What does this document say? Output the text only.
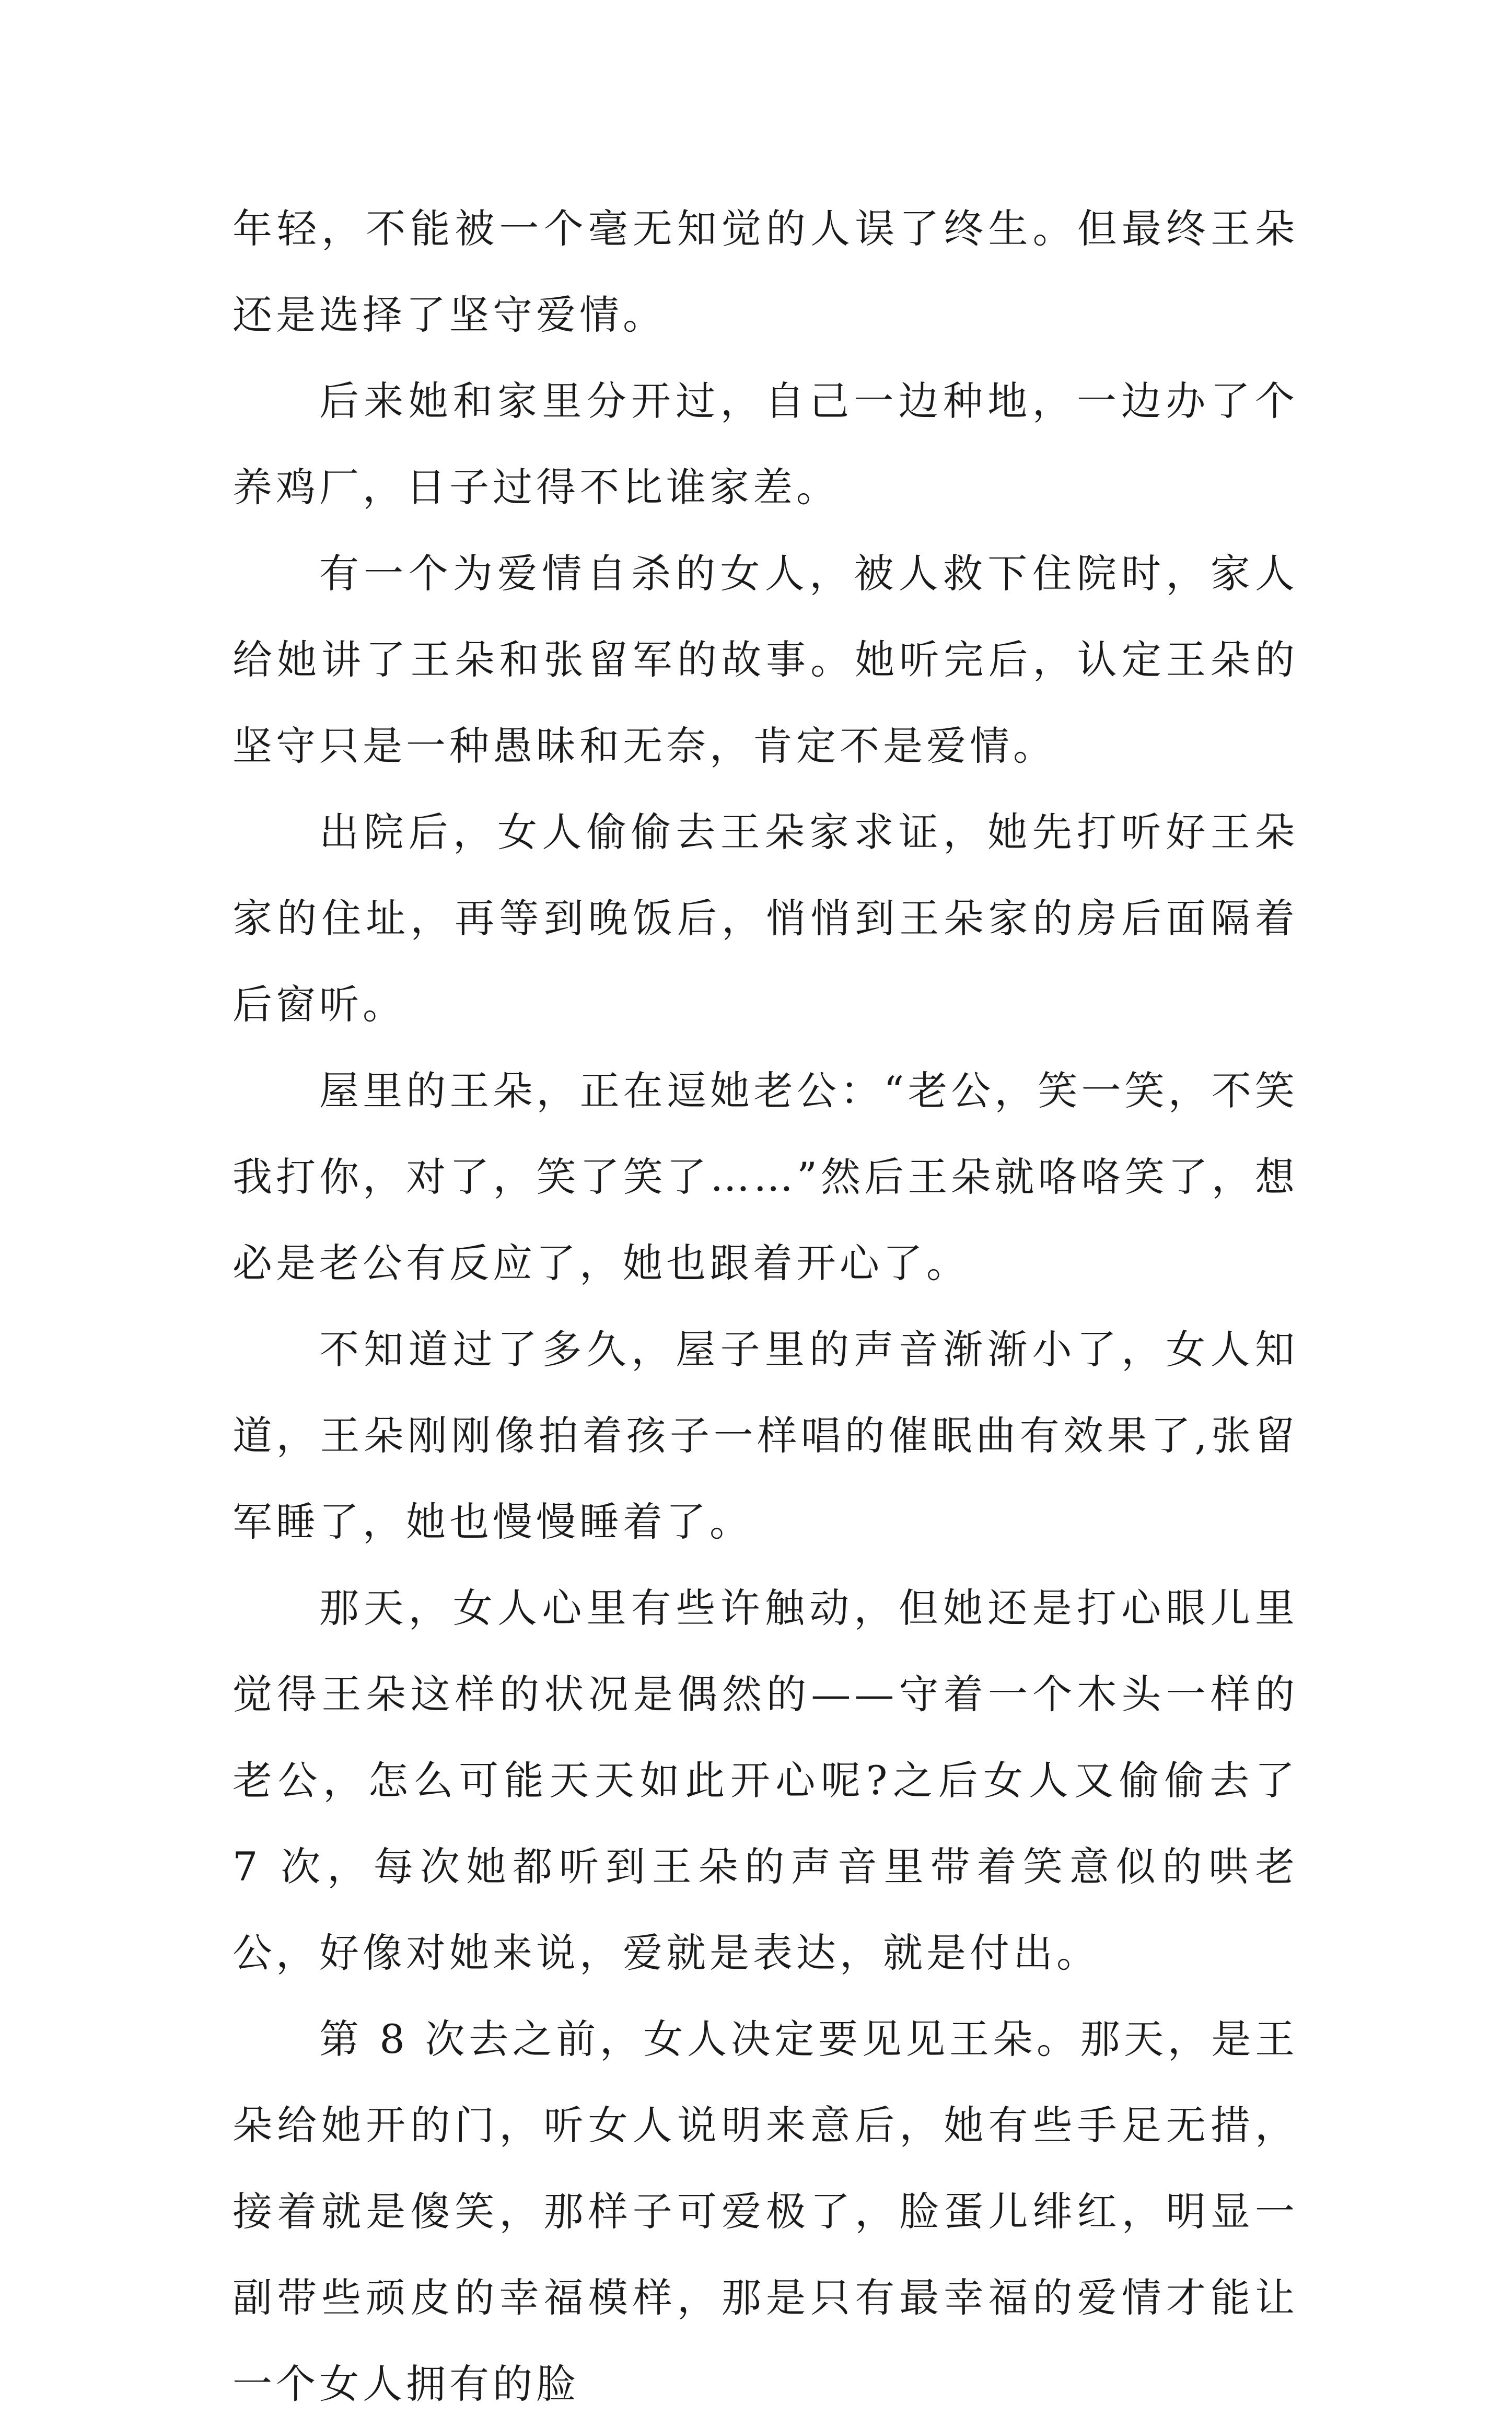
年轻，不能被一个毫无知觉的人误了终生。但最终王朵还是选择了坚守爱情。

后来她和家里分开过，自己一边种地，一边办了个养鸡厂，日子过得不比谁家差。

有一个为爱情自杀的女人，被人救下住院时，家人给她讲了王朵和张留军的故事。她听完后，认定王朵的坚守只是一种愚昧和无奈，肯定不是爱情。

出院后，女人偷偷去王朵家求证，她先打听好王朵家的住址，再等到晚饭后，悄悄到王朵家的房后面隔着后窗听。

屋里的王朵，正在逗她老公：“老公，笑一笑，不笑我打你，对了，笑了笑了……”然后王朵就咯咯笑了，想必是老公有反应了，她也跟着开心了。

不知道过了多久，屋子里的声音渐渐小了，女人知道，王朵刚刚像拍着孩子一样唱的催眠曲有效果了,张留军睡了，她也慢慢睡着了。

那天，女人心里有些许触动，但她还是打心眼儿里觉得王朵这样的状况是偶然的——守着一个木头一样的老公，怎么可能天天如此开心呢?之后女人又偷偷去了 7 次，每次她都听到王朵的声音里带着笑意似的哄老公，好像对她来说，爱就是表达，就是付出。

第 8 次去之前，女人决定要见见王朵。那天，是王朵给她开的门，听女人说明来意后，她有些手足无措，接着就是傻笑，那样子可爱极了，脸蛋儿绯红，明显一副带些顽皮的幸福模样，那是只有最幸福的爱情才能让一个女人拥有的脸
